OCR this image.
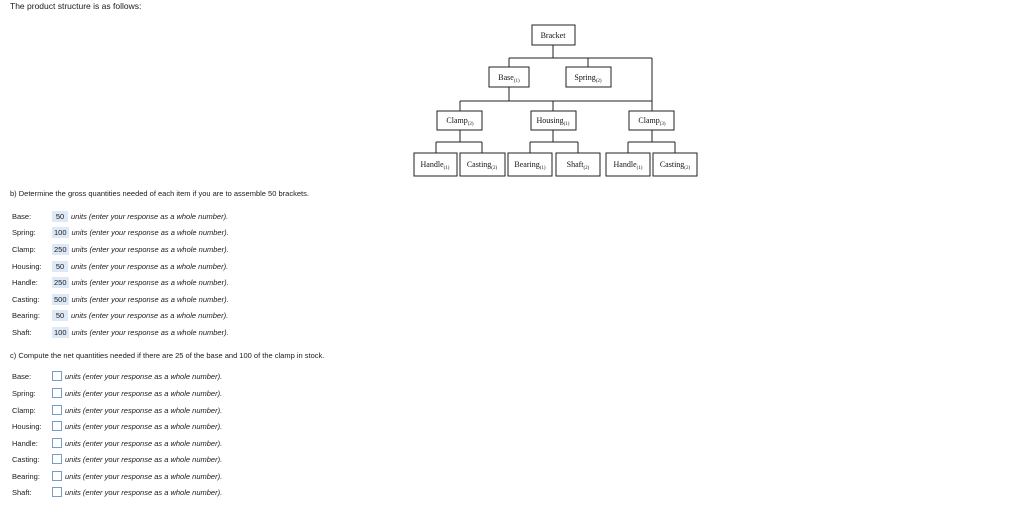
The product structure is as follows:
Bracket
Base$_{(1)}$	Spring$_{(2)}$
Clamp$_{(2)}$	Housing$_{(1)}$	Clamp$_{(3)}$
Handle$_{(1)}$ Casting$_{(2)}$ Bearing$_{(1)}$	Shaft$_{(2)}$	Handle$_{(1)}$ Casting$_{(2)}$
b) Determine the gross quantities needed of each item if you are to assemble 50 brackets.
Base:	50 units (enter your response as a whole number).
Spring:	100 units (enter your response as a whole number).
Clamp:	250 units (enter your response as a whole number).
Housing:	50 units (enter your response as a whole number).
Handle:	250 units (enter your response as a whole number).
Casting:	500 units (enter your response as a whole number).
Bearing:	50 units (enter your response as a whole number).
Shaft:	100 units (enter your response as a whole number).
c) Compute the net quantities needed if there are 25 of the base and 100 of the clamp in stock.
Base:	units (enter your response as a whole number).
Spring:	units (enter your response as a whole number).
Clamp:	units (enter your response as a whole number).
Housing:	units (enter your response as a whole number).
Handle:	units (enter your response as a whole number).
Casting:	units (enter your response as a whole number).
Bearing:	units (enter your response as a whole number).
Shaft:	units (enter your response as a whole number).
